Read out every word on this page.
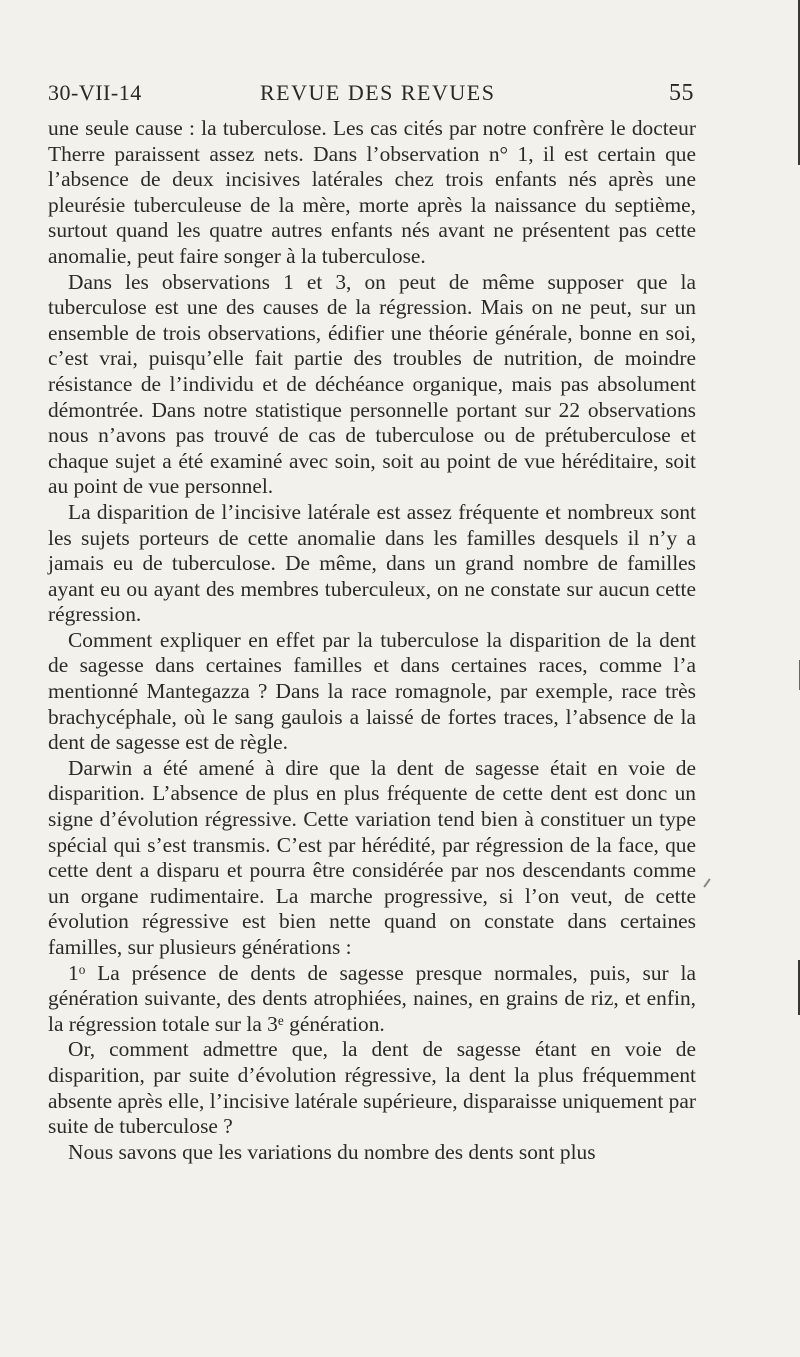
30-VII-14	REVUE DES REVUES	55

une seule cause : la tuberculose. Les cas cités par notre confrère le docteur Therre paraissent assez nets. Dans l’observation n° 1, il est certain que l’absence de deux incisives latérales chez trois enfants nés après une pleurésie tuberculeuse de la mère, morte après la naissance du septième, surtout quand les quatre autres enfants nés avant ne présentent pas cette anomalie, peut faire songer à la tuberculose.

Dans les observations 1 et 3, on peut de même supposer que la tuberculose est une des causes de la régression. Mais on ne peut, sur un ensemble de trois observations, édifier une théorie générale, bonne en soi, c’est vrai, puisqu’elle fait partie des troubles de nutrition, de moindre résistance de l’individu et de déchéance organique, mais pas absolument démontrée. Dans notre statistique personnelle portant sur 22 observations nous n’avons pas trouvé de cas de tuberculose ou de prétuberculose et chaque sujet a été examiné avec soin, soit au point de vue héréditaire, soit au point de vue personnel.

La disparition de l’incisive latérale est assez fréquente et nombreux sont les sujets porteurs de cette anomalie dans les familles desquels il n’y a jamais eu de tuberculose. De même, dans un grand nombre de familles ayant eu ou ayant des membres tuberculeux, on ne constate sur aucun cette régression.

Comment expliquer en effet par la tuberculose la disparition de la dent de sagesse dans certaines familles et dans certaines races, comme l’a mentionné Mantegazza ? Dans la race romagnole, par exemple, race très brachycéphale, où le sang gaulois a laissé de fortes traces, l’absence de la dent de sagesse est de règle.

Darwin a été amené à dire que la dent de sagesse était en voie de disparition. L’absence de plus en plus fréquente de cette dent est donc un signe d’évolution régressive. Cette variation tend bien à constituer un type spécial qui s’est transmis. C’est par hérédité, par régression de la face, que cette dent a disparu et pourra être considérée par nos descendants comme un organe rudimentaire. La marche progressive, si l’on veut, de cette évolution régressive est bien nette quand on constate dans certaines familles, sur plusieurs générations :

1$^o$ La présence de dents de sagesse presque normales, puis, sur la génération suivante, des dents atrophiées, naines, en grains de riz, et enfin, la régression totale sur la 3e génération.

Or, comment admettre que, la dent de sagesse étant en voie de disparition, par suite d’évolution régressive, la dent la plus fréquemment absente après elle, l’incisive latérale supérieure, disparaisse uniquement par suite de tuberculose ?

Nous savons que les variations du nombre des dents sont plus
